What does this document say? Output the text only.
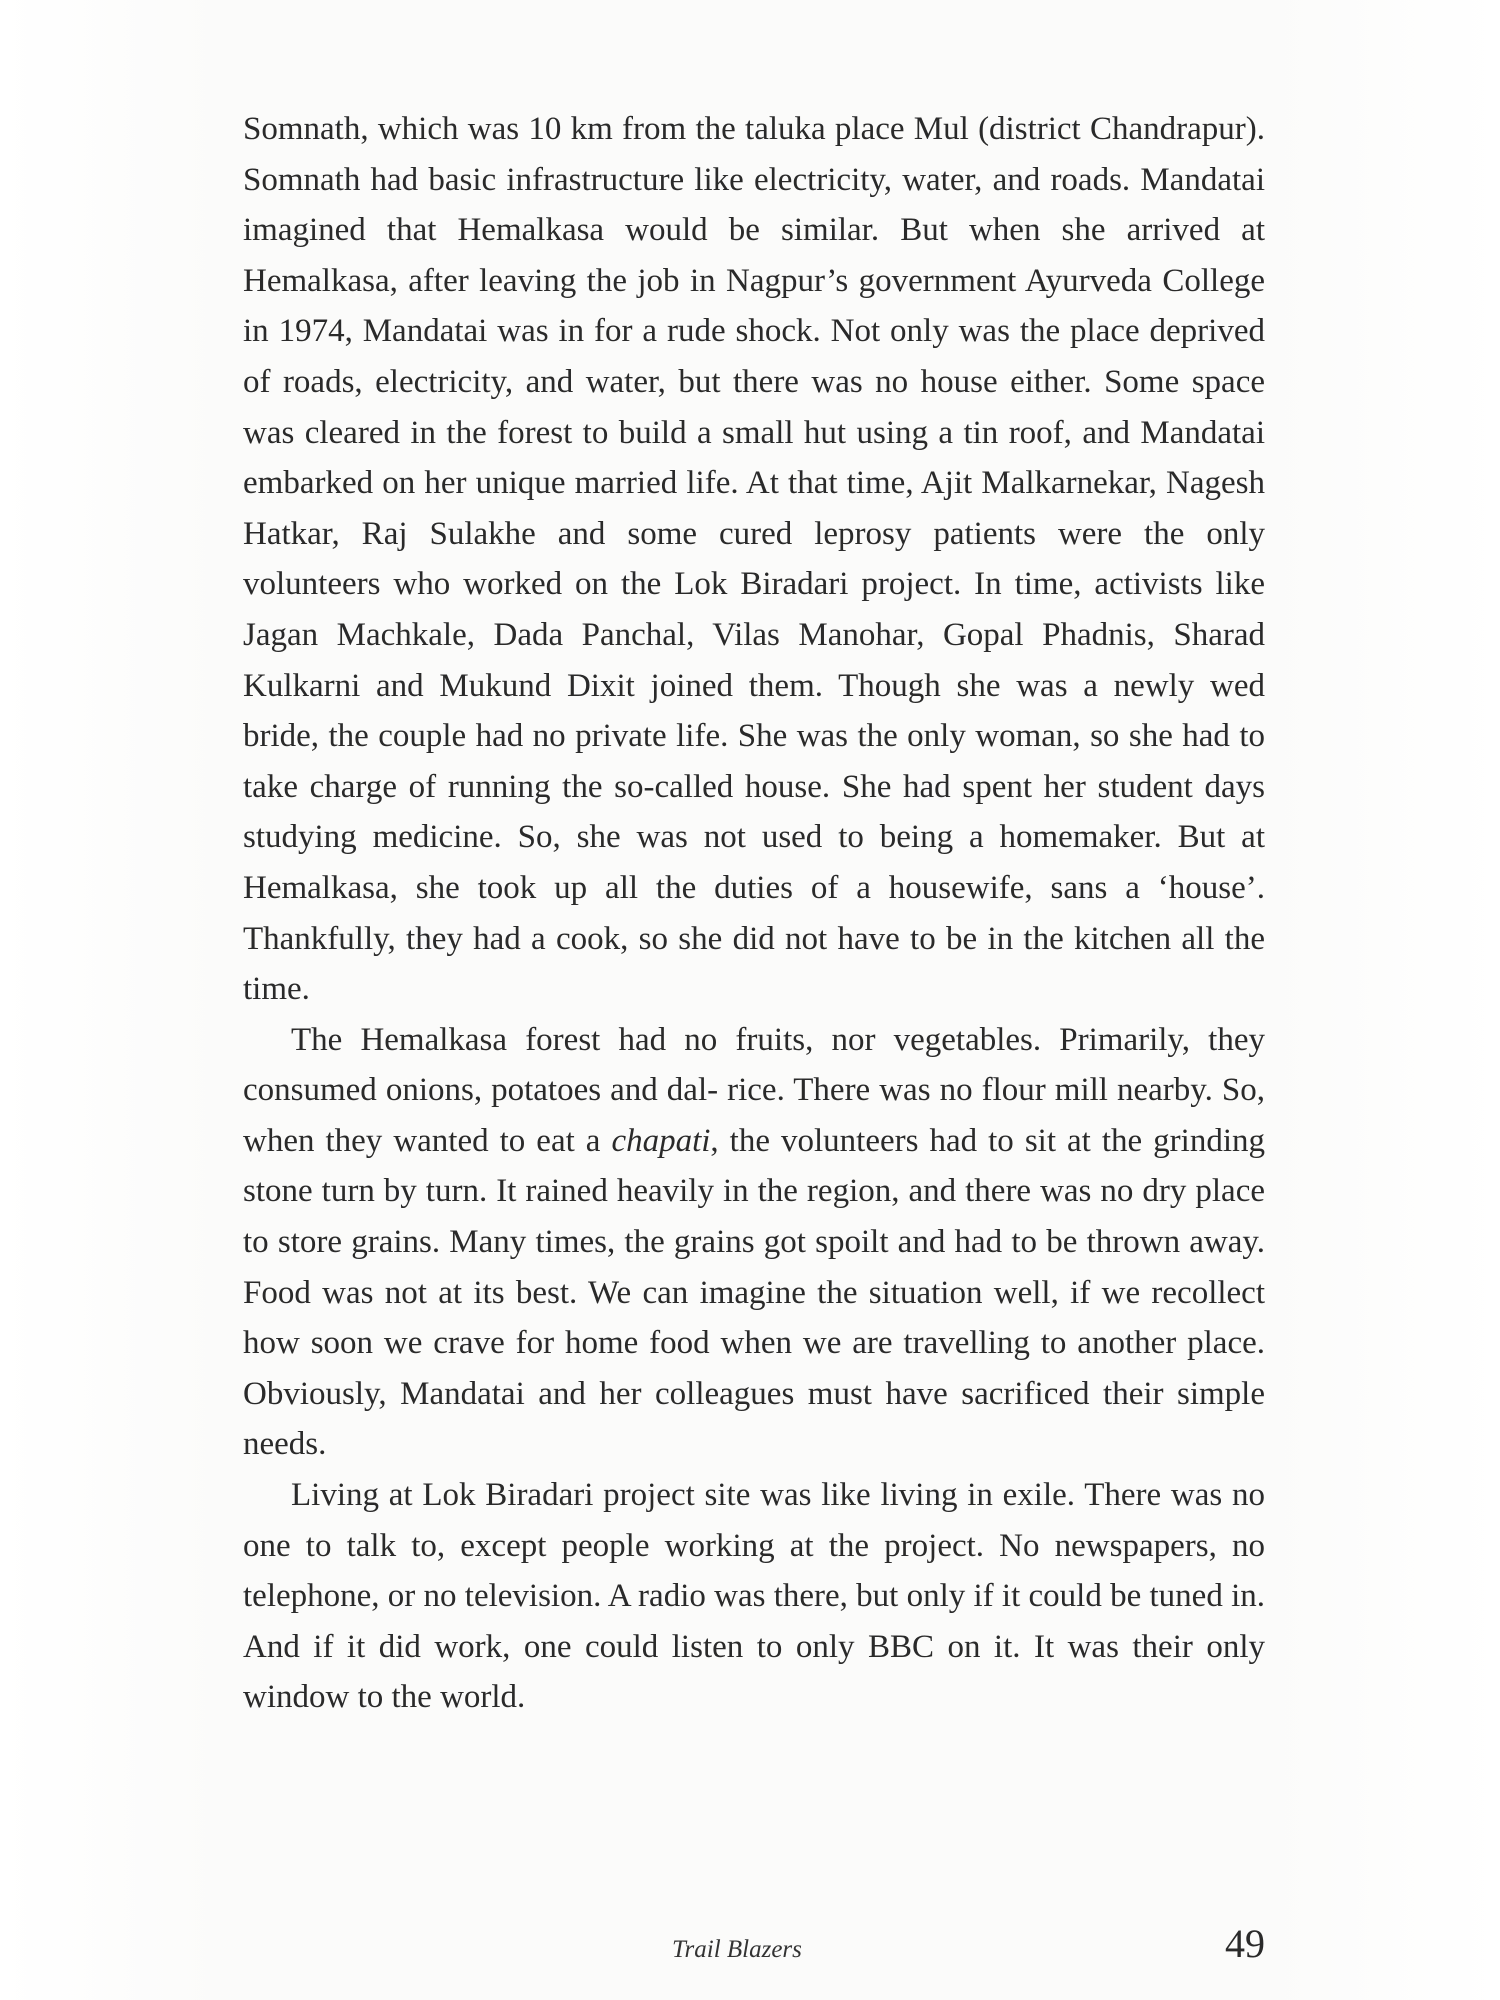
Somnath, which was 10 km from the taluka place Mul (district Chandrapur). Somnath had basic infrastructure like electricity, water, and roads. Mandatai imagined that Hemalkasa would be similar. But when she arrived at Hemalkasa, after leaving the job in Nagpur’s government Ayurveda College in 1974, Mandatai was in for a rude shock. Not only was the place deprived of roads, electricity, and water, but there was no house either. Some space was cleared in the forest to build a small hut using a tin roof, and Mandatai embarked on her unique married life. At that time, Ajit Malkarnekar, Nagesh Hatkar, Raj Sulakhe and some cured leprosy patients were the only volunteers who worked on the Lok Biradari project. In time, activists like Jagan Machkale, Dada Panchal, Vilas Manohar, Gopal Phadnis, Sharad Kulkarni and Mukund Dixit joined them. Though she was a newly wed bride, the couple had no private life. She was the only woman, so she had to take charge of running the so-called house. She had spent her student days studying medicine. So, she was not used to being a homemaker. But at Hemalkasa, she took up all the duties of a housewife, sans a ‘house’. Thankfully, they had a cook, so she did not have to be in the kitchen all the time.

The Hemalkasa forest had no fruits, nor vegetables. Primarily, they consumed onions, potatoes and dal- rice. There was no flour mill nearby. So, when they wanted to eat a chapati, the volunteers had to sit at the grinding stone turn by turn. It rained heavily in the region, and there was no dry place to store grains. Many times, the grains got spoilt and had to be thrown away. Food was not at its best. We can imagine the situation well, if we recollect how soon we crave for home food when we are travelling to another place. Obviously, Mandatai and her colleagues must have sacrificed their simple needs.

Living at Lok Biradari project site was like living in exile. There was no one to talk to, except people working at the project. No newspapers, no telephone, or no television. A radio was there, but only if it could be tuned in. And if it did work, one could listen to only BBC on it. It was their only window to the world.

Trail Blazers	49
